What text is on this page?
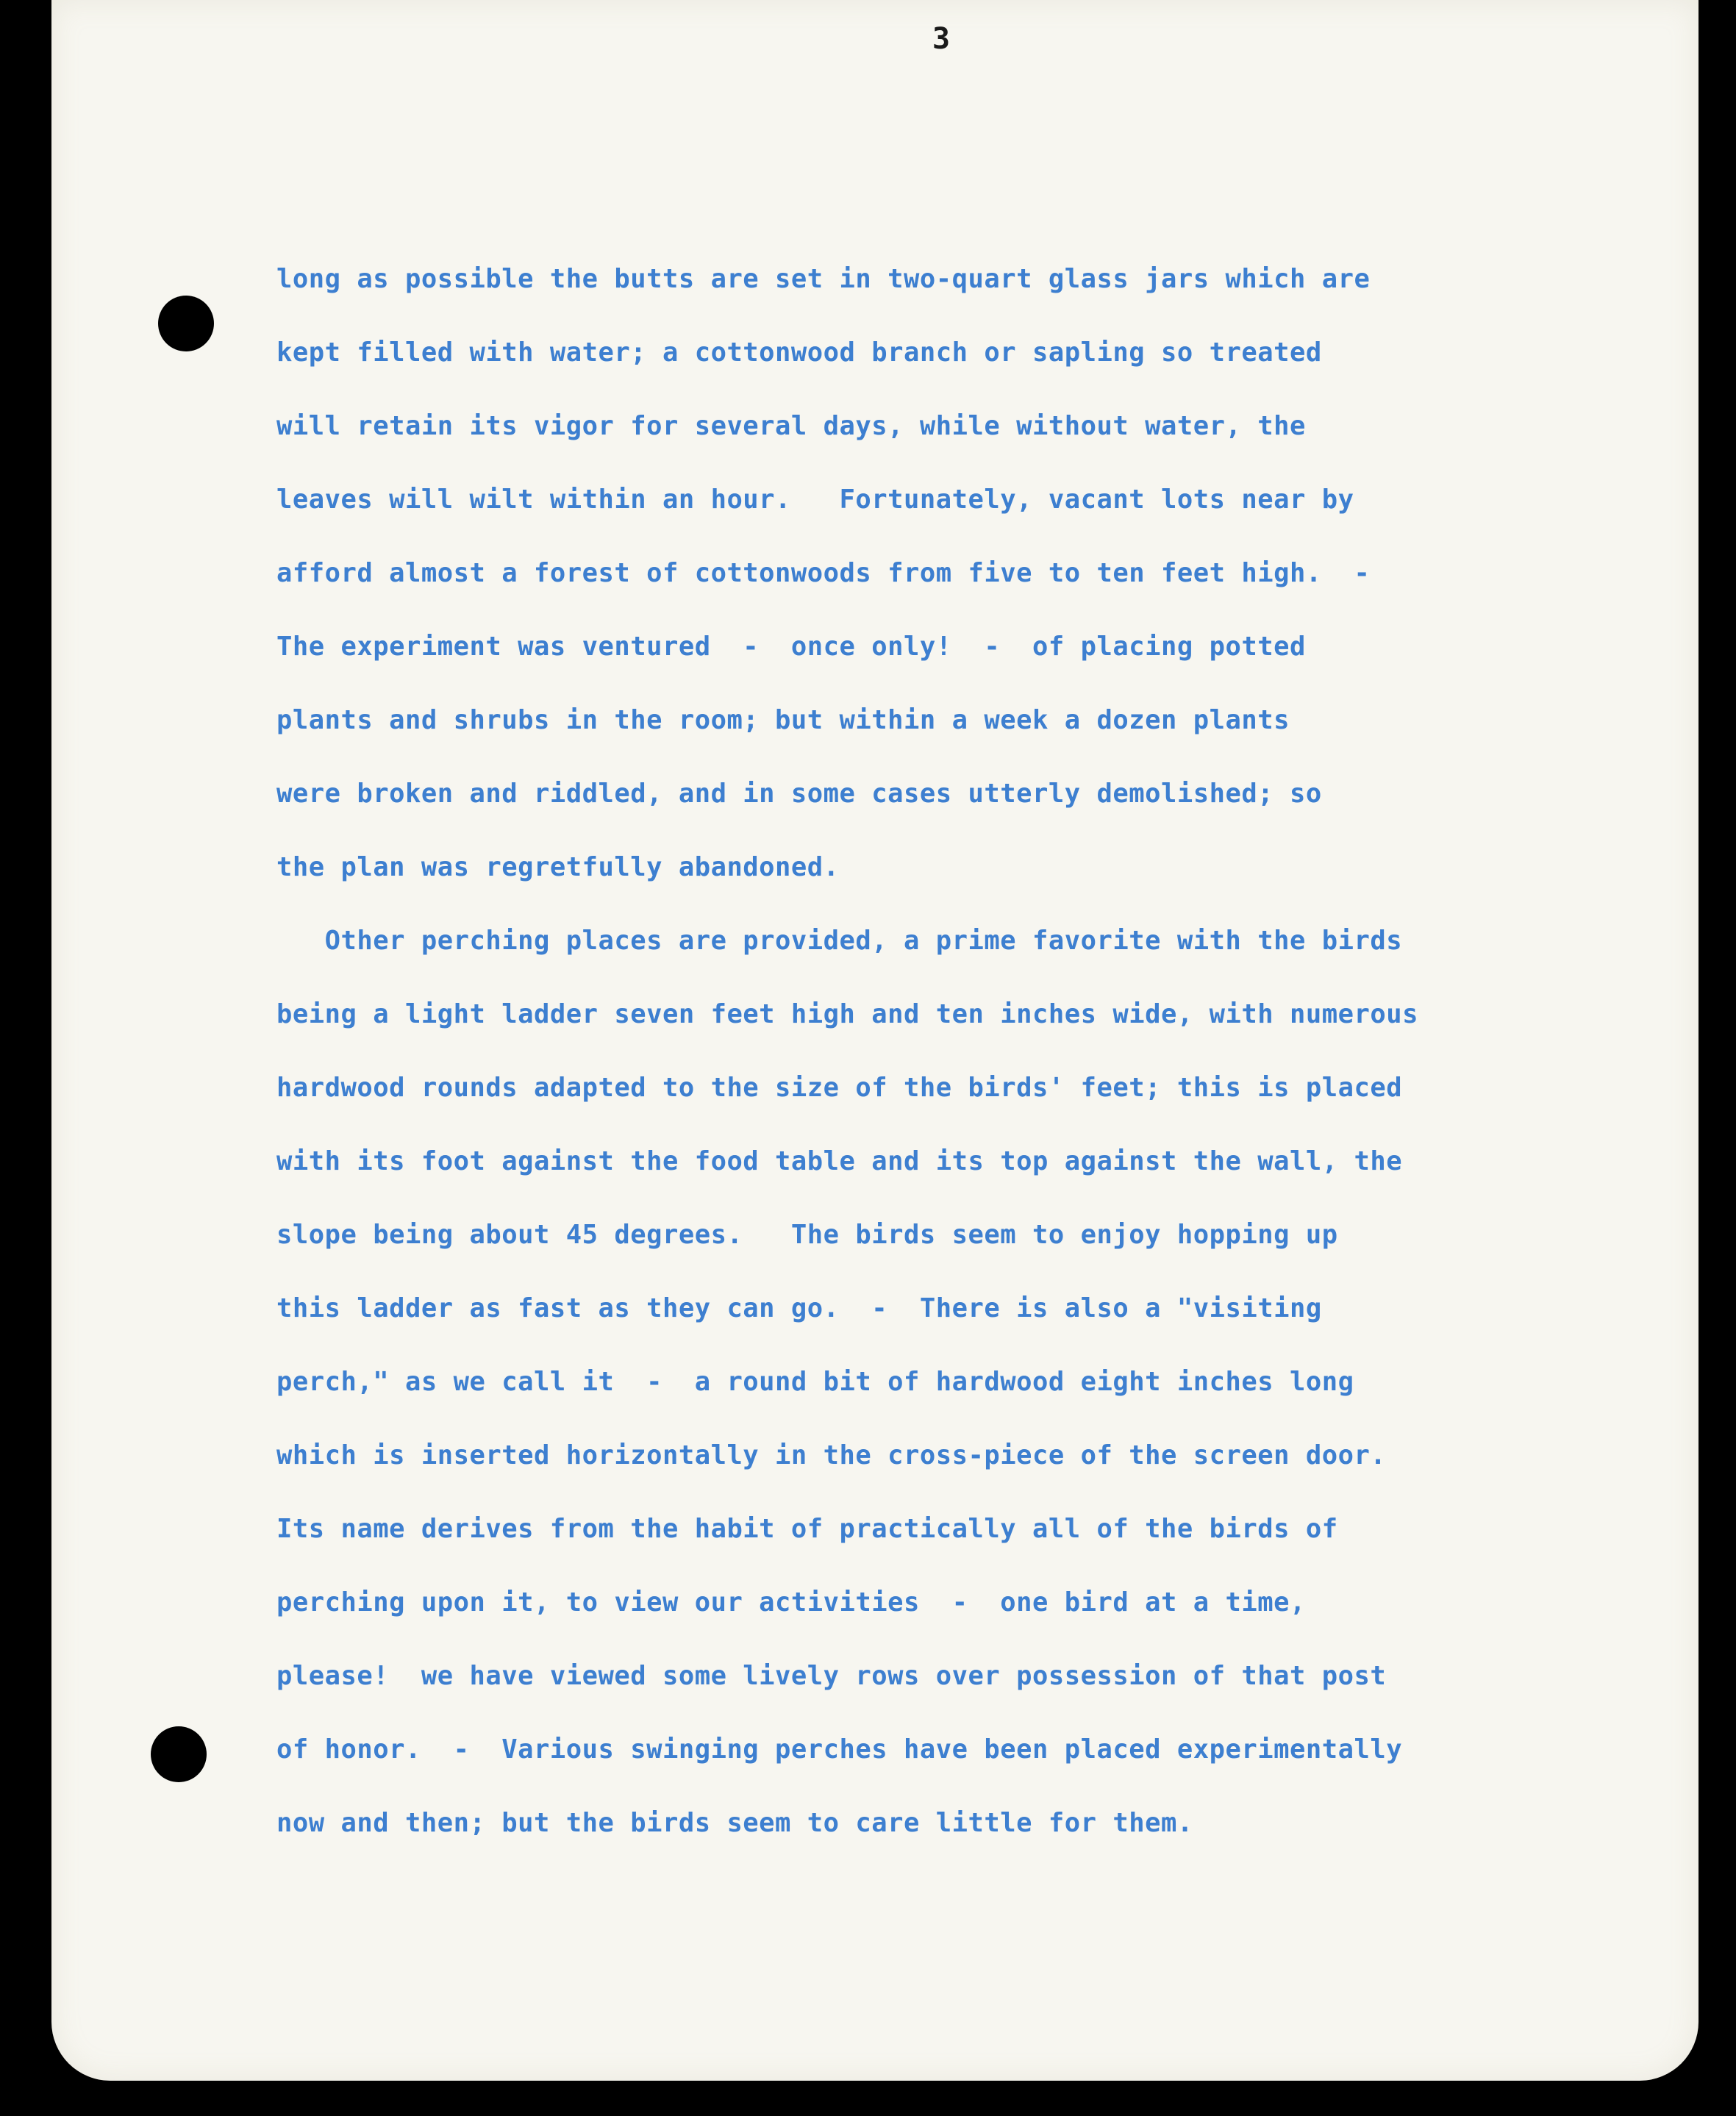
3
long as possible the butts are set in two-quart glass jars which are
kept filled with water; a cottonwood branch or sapling so treated
will retain its vigor for several days, while without water, the
leaves will wilt within an hour.   Fortunately, vacant lots near by
afford almost a forest of cottonwoods from five to ten feet high.  -
The experiment was ventured  -  once only!  -  of placing potted
plants and shrubs in the room; but within a week a dozen plants
were broken and riddled, and in some cases utterly demolished; so
the plan was regretfully abandoned.
Other perching places are provided, a prime favorite with the birds
being a light ladder seven feet high and ten inches wide, with numerous
hardwood rounds adapted to the size of the birds' feet; this is placed
with its foot against the food table and its top against the wall, the
slope being about 45 degrees.   The birds seem to enjoy hopping up
this ladder as fast as they can go.  -  There is also a "visiting
perch," as we call it  -  a round bit of hardwood eight inches long
which is inserted horizontally in the cross-piece of the screen door.
Its name derives from the habit of practically all of the birds of
perching upon it, to view our activities  -  one bird at a time,
please!  we have viewed some lively rows over possession of that post
of honor.  -  Various swinging perches have been placed experimentally
now and then; but the birds seem to care little for them.
